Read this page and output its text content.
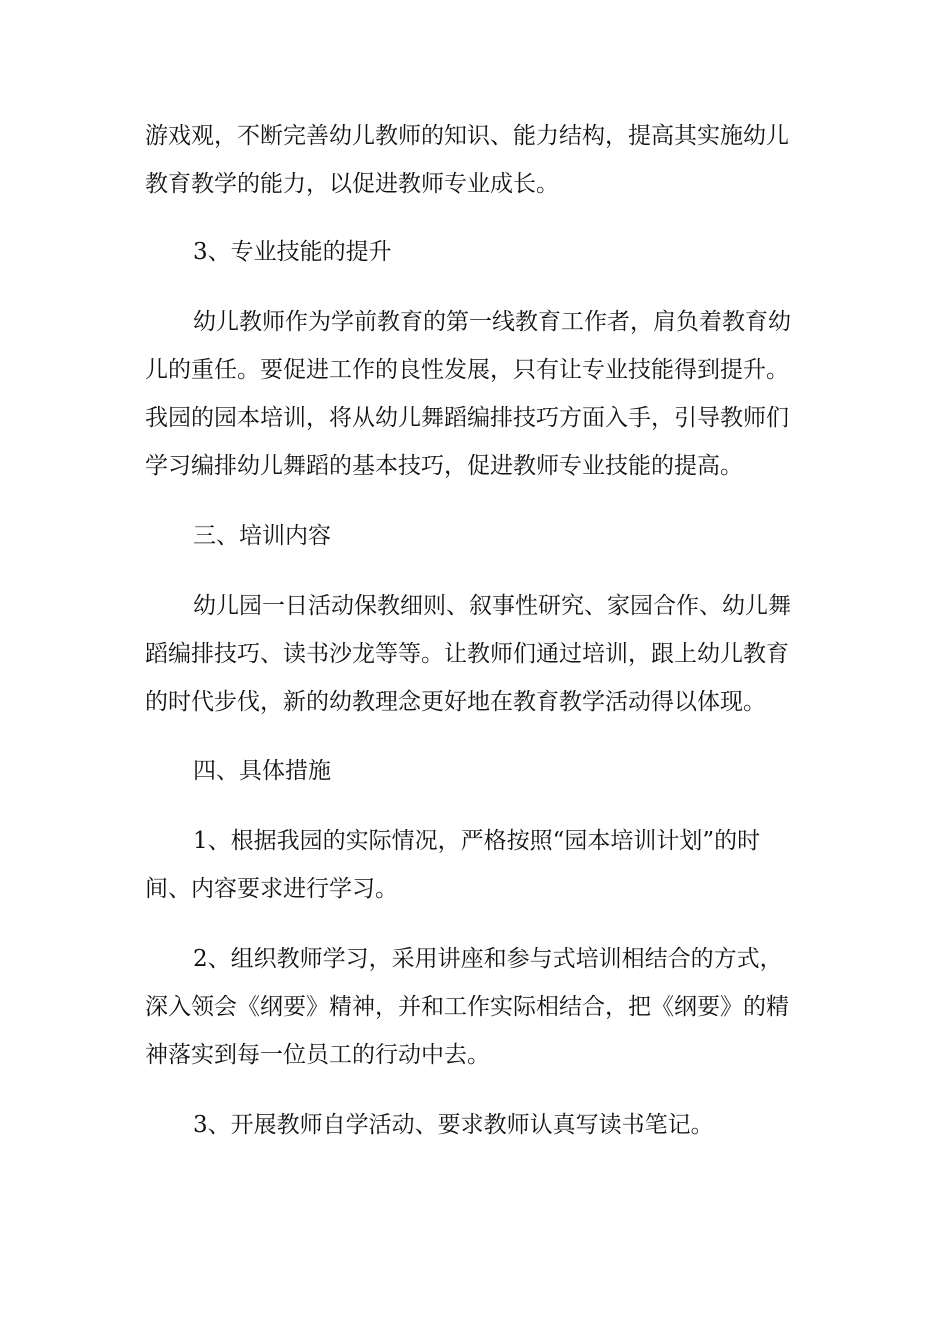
游戏观，不断完善幼儿教师的知识、能力结构，提高其实施幼儿
教育教学的能力，以促进教师专业成长。

3、专业技能的提升

幼儿教师作为学前教育的第一线教育工作者，肩负着教育幼
儿的重任。要促进工作的良性发展，只有让专业技能得到提升。
我园的园本培训，将从幼儿舞蹈编排技巧方面入手，引导教师们
学习编排幼儿舞蹈的基本技巧，促进教师专业技能的提高。

三、培训内容

幼儿园一日活动保教细则、叙事性研究、家园合作、幼儿舞
蹈编排技巧、读书沙龙等等。让教师们通过培训，跟上幼儿教育
的时代步伐，新的幼教理念更好地在教育教学活动得以体现。

四、具体措施

1、根据我园的实际情况，严格按照“园本培训计划”的时
间、内容要求进行学习。

2、组织教师学习，采用讲座和参与式培训相结合的方式，
深入领会《纲要》精神，并和工作实际相结合，把《纲要》的精
神落实到每一位员工的行动中去。

3、开展教师自学活动、要求教师认真写读书笔记。
